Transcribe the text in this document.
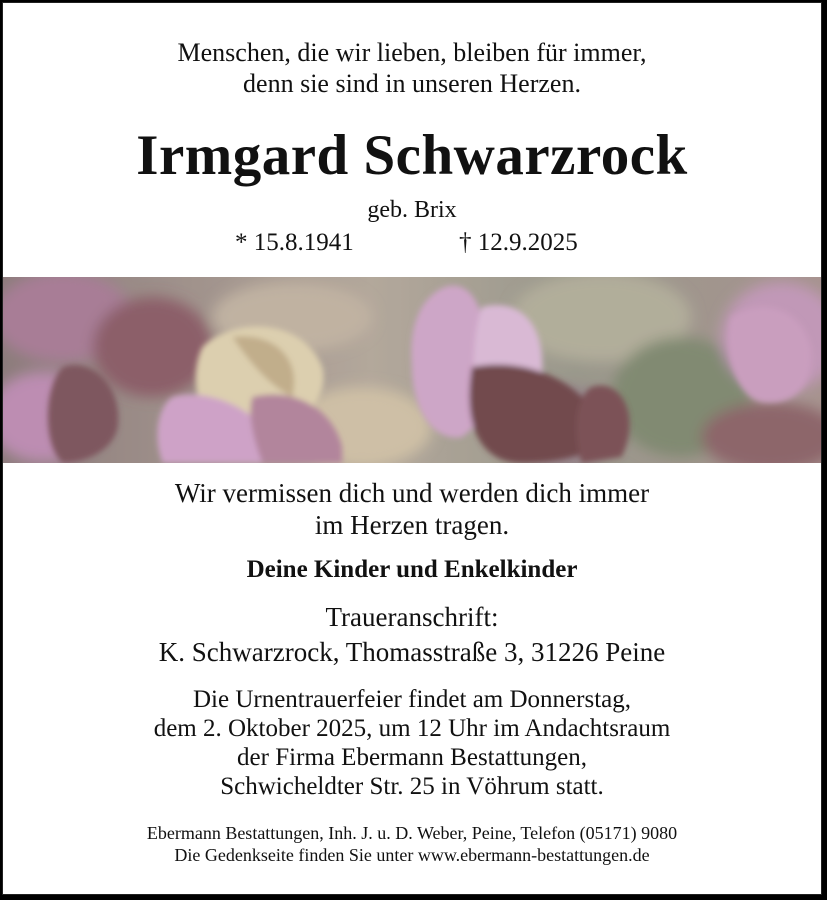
Menschen, die wir lieben, bleiben für immer,
denn sie sind in unseren Herzen.
Irmgard Schwarzrock
geb. Brix
* 15.8.1941	† 12.9.2025
Wir vermissen dich und werden dich immer
im Herzen tragen.
Deine Kinder und Enkelkinder
Traueranschrift:
K. Schwarzrock, Thomasstraße 3, 31226 Peine
Die Urnentrauerfeier findet am Donnerstag,
dem 2. Oktober 2025, um 12 Uhr im Andachtsraum
der Firma Ebermann Bestattungen,
Schwicheldter Str. 25 in Vöhrum statt.
Ebermann Bestattungen, Inh. J. u. D. Weber, Peine, Telefon (05171) 9080
Die Gedenkseite finden Sie unter www.ebermann-bestattungen.de
